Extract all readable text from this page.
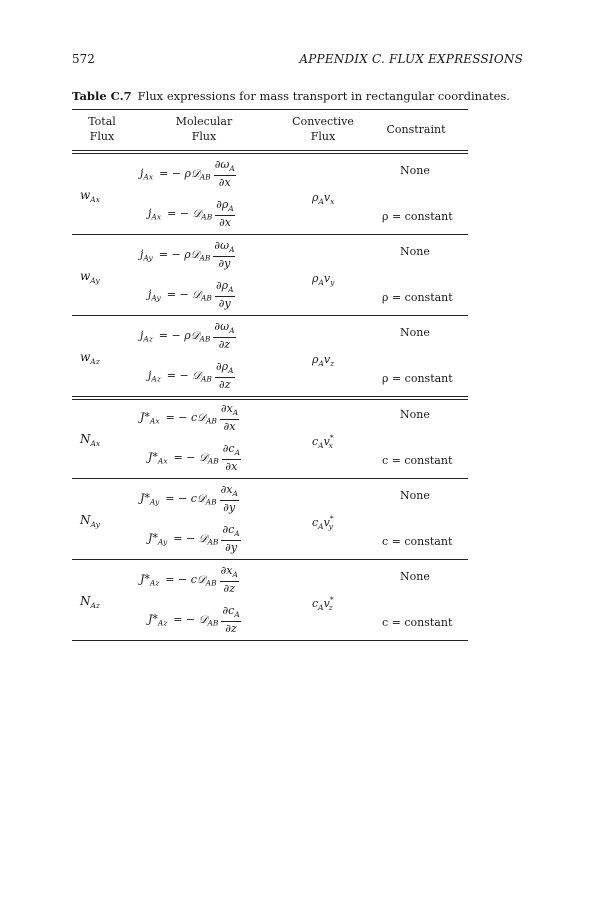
572	APPENDIX C. FLUX EXPRESSIONS
Table C.7 Flux expressions for mass transport in rectangular coordinates.
Total
Flux
Molecular
Flux
Convective
Flux
Constraint
$w_{Ax}$
$j_{Ax}$ = − ρ𝒟$_{AB}$ $\frac{\partial\omega_A}{\partial x}$
$j_{Ax}$ = − 𝒟$_{AB}$ $\frac{\partial\rho_A}{\partial x}$
$\rho_Av_x$
None
ρ = constant
$w_{Ay}$
$j_{Ay}$ = − ρ𝒟$_{AB}$ $\frac{\partial\omega_A}{\partial y}$
$j_{Ay}$ = − 𝒟$_{AB}$ $\frac{\partial\rho_A}{\partial y}$
$\rho_Av_y$
None
ρ = constant
$w_{Az}$
$j_{Az}$ = − ρ𝒟$_{AB}$ $\frac{\partial\omega_A}{\partial z}$
$j_{Az}$ = − 𝒟$_{AB}$ $\frac{\partial\rho_A}{\partial z}$
$\rho_Av_z$
None
ρ = constant
$N_{Ax}$
$J*_{Ax}$ = − c𝒟$_{AB}$ $\frac{\partial x_A}{\partial x}$
$J*_{Ax}$ = − 𝒟$_{AB}$ $\frac{\partial c_A}{\partial x}$
$c_Av^*_x$
None
c = constant
$N_{Ay}$
$J*_{Ay}$ = − c𝒟$_{AB}$ $\frac{\partial x_A}{\partial y}$
$J*_{Ay}$ = − 𝒟$_{AB}$ $\frac{\partial c_A}{\partial y}$
$c_Av^*_y$
None
c = constant
$N_{Az}$
$J*_{Az}$ = − c𝒟$_{AB}$ $\frac{\partial x_A}{\partial z}$
$J*_{Az}$ = − 𝒟$_{AB}$ $\frac{\partial c_A}{\partial z}$
$c_Av^*_z$
None
c = constant
